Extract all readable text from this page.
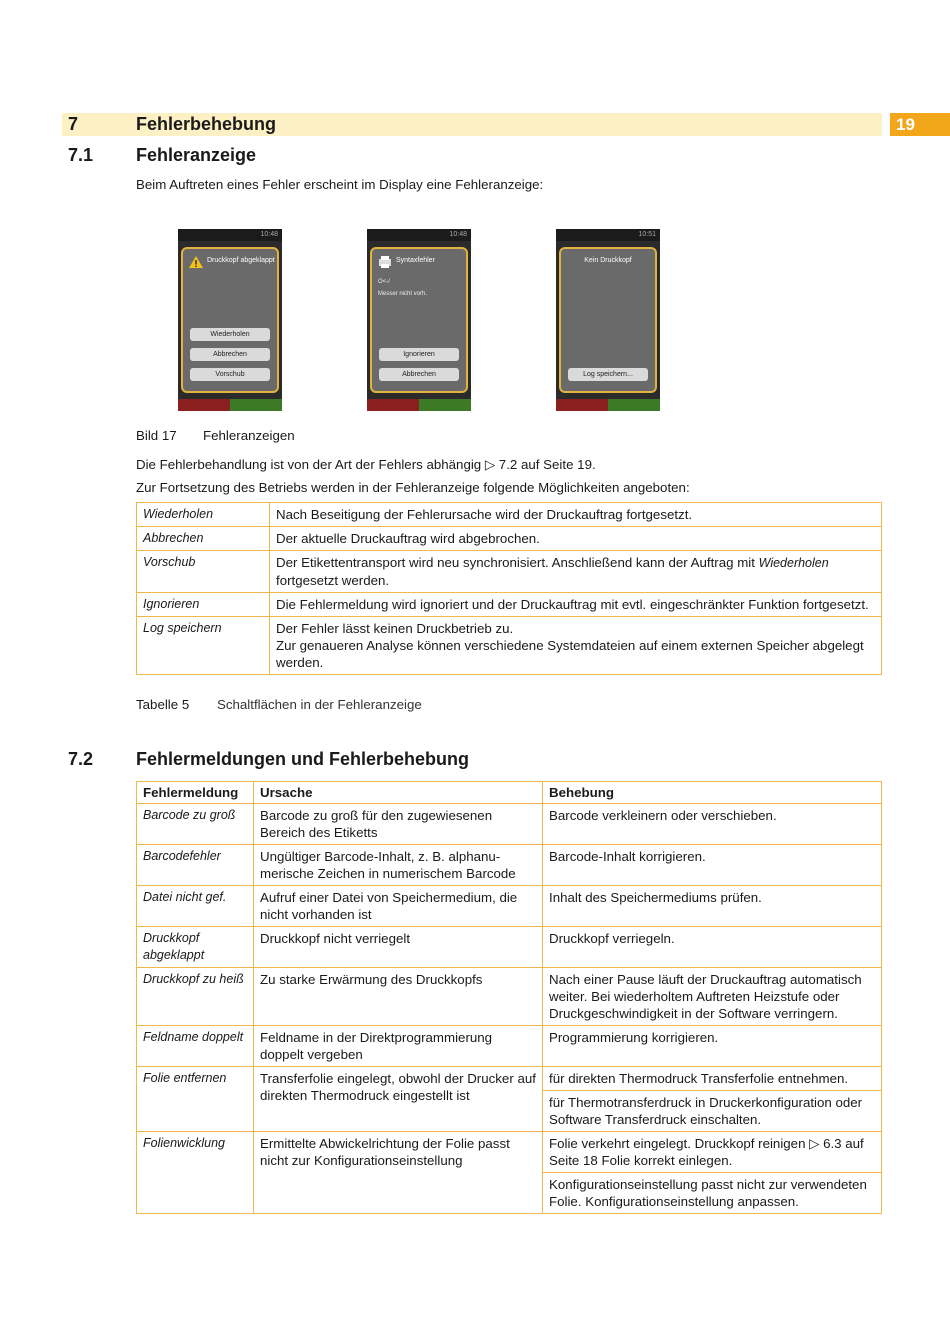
7	Fehlerbehebung	19
7.1 Fehleranzeige
Beim Auftreten eines Fehler erscheint im Display eine Fehleranzeige:
10:48
Druckkopf abgeklappt
Wiederholen
Abbrechen
Vorschub
10:48
Syntaxfehler
O<-/
Messer nicht vorh.
Ignorieren
Abbrechen
10:51
Kein Druckkopf
Log speichern...
Bild 17 Fehleranzeigen
Die Fehlerbehandlung ist von der Art der Fehlers abhängig ▷ 7.2 auf Seite 19.
Zur Fortsetzung des Betriebs werden in der Fehleranzeige folgende Möglichkeiten angeboten:
Wiederholen	Nach Beseitigung der Fehlerursache wird der Druckauftrag fortgesetzt.
Abbrechen	Der aktuelle Druckauftrag wird abgebrochen.
Vorschub	Der Etikettentransport wird neu synchronisiert. Anschließend kann der Auftrag mit Wiederholen
fortgesetzt werden.
Ignorieren	Die Fehlermeldung wird ignoriert und der Druckauftrag mit evtl. eingeschränkter Funktion fortgesetzt.
Log speichern	Der Fehler lässt keinen Druckbetrieb zu.
Zur genaueren Analyse können verschiedene Systemdateien auf einem externen Speicher abgelegt werden.
Tabelle 5 Schaltflächen in der Fehleranzeige
7.2 Fehlermeldungen und Fehlerbehebung
Fehlermeldung	Ursache	Behebung
Barcode zu groß	Barcode zu groß für den zugewiesenen Bereich des Etiketts	Barcode verkleinern oder verschieben.
Barcodefehler	Ungültiger Barcode-Inhalt, z. B. alphanumerische Zeichen in numerischem Barcode	Barcode-Inhalt korrigieren.
Datei nicht gef.	Aufruf einer Datei von Speichermedium, die nicht vorhanden ist	Inhalt des Speichermediums prüfen.
Druckkopf abgeklappt	Druckkopf nicht verriegelt	Druckkopf verriegeln.
Druckkopf zu heiß	Zu starke Erwärmung des Druckkopfs	Nach einer Pause läuft der Druckauftrag automatisch weiter. Bei wiederholtem Auftreten Heizstufe oder Druckgeschwindigkeit in der Software verringern.
Feldname doppelt	Feldname in der Direktprogrammierung doppelt vergeben	Programmierung korrigieren.
Folie entfernen	Transferfolie eingelegt, obwohl der Drucker auf direkten Thermodruck eingestellt ist	für direkten Thermodruck Transferfolie entnehmen.
		für Thermotransferdruck in Druckerkonfiguration oder Software Transferdruck einschalten.
Folienwicklung	Ermittelte Abwickelrichtung der Folie passt nicht zur Konfigurationseinstellung	Folie verkehrt eingelegt. Druckkopf reinigen ▷ 6.3 auf Seite 18 Folie korrekt einlegen.
		Konfigurationseinstellung passt nicht zur verwendeten Folie. Konfigurationseinstellung anpassen.
